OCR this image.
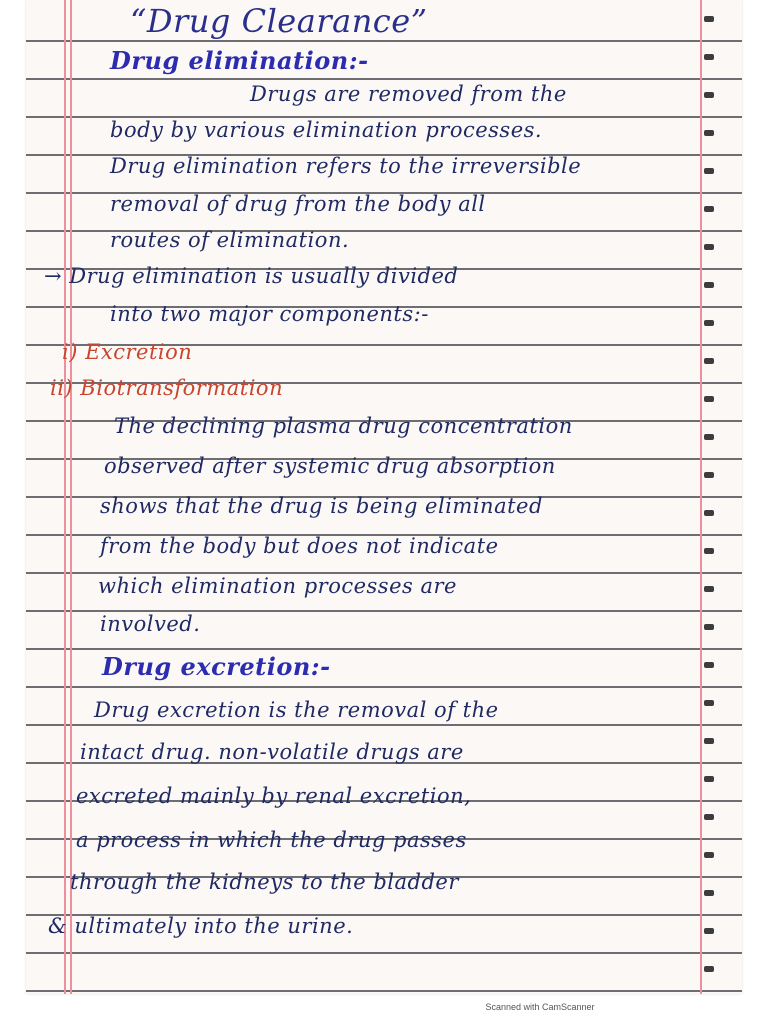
“Drug Clearance”
Drug elimination:-
Drugs are removed from the
body by various elimination processes.
Drug elimination refers to the irreversible
removal of drug from the body all
routes of elimination.
→ Drug elimination is usually divided
into two major components:-
i) Excretion
ii) Biotransformation
The declining plasma drug concentration
observed after systemic drug absorption
shows that the drug is being eliminated
from the body but does not indicate
which elimination processes are
involved.
Drug excretion:-
Drug excretion is the removal of the
intact drug. non-volatile drugs are
excreted mainly by renal excretion,
a process in which the drug passes
through the kidneys to the bladder
& ultimately into the urine.
Scanned with CamScanner
